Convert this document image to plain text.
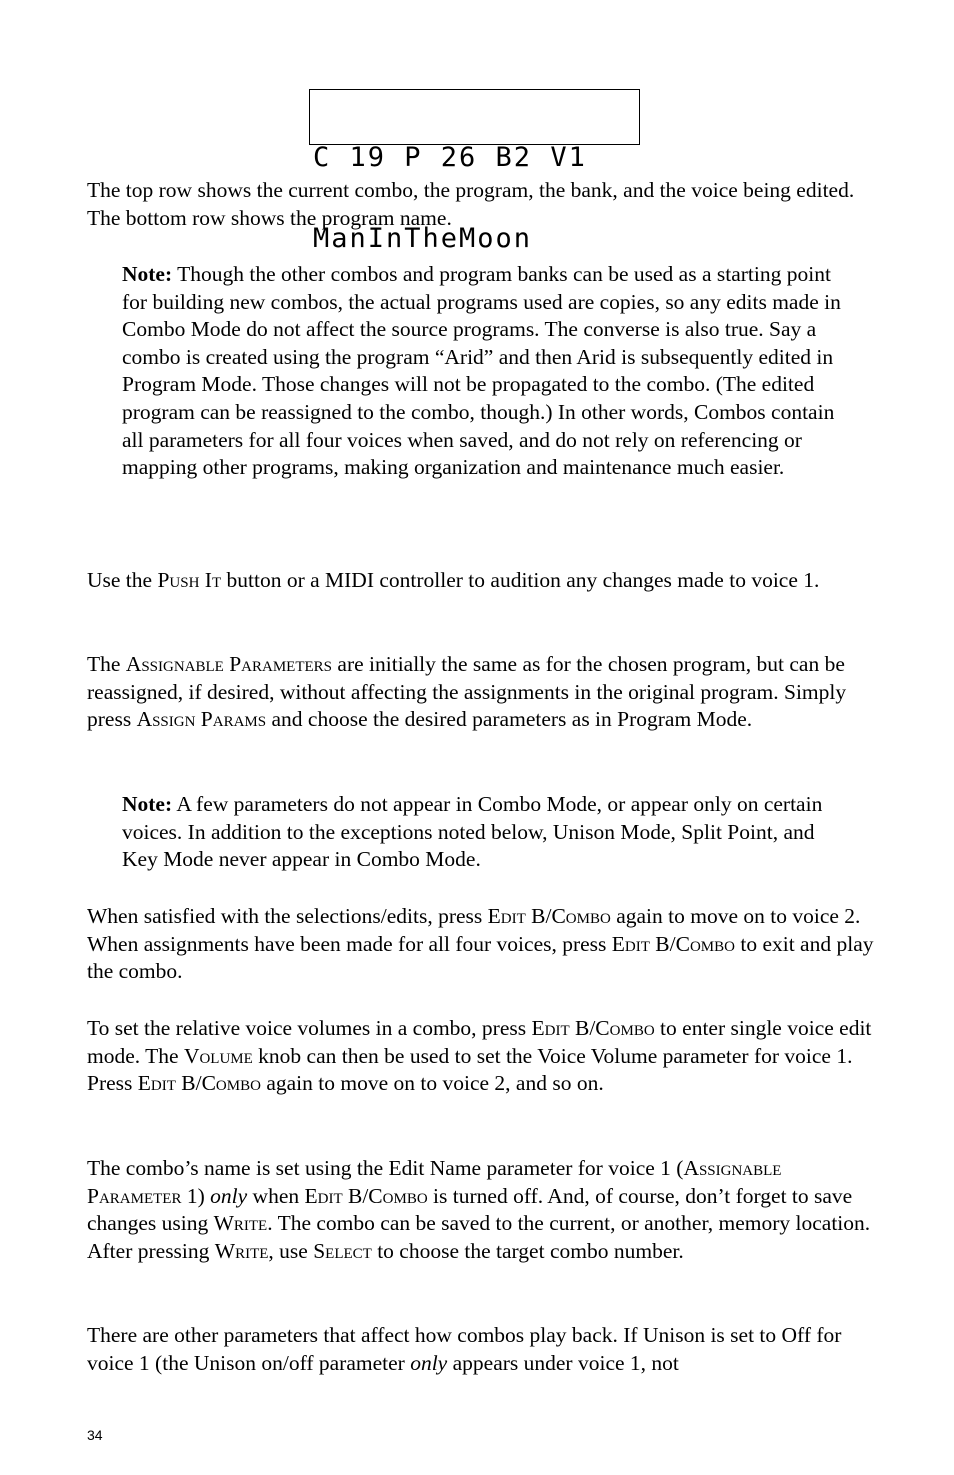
C 19 P 26 B2 V1

ManInTheMoon

The top row shows the current combo, the program, the bank, and the voice being edited. The bottom row shows the program name.

Note: Though the other combos and program banks can be used as a starting point for building new combos, the actual programs used are copies, so any edits made in Combo Mode do not affect the source programs. The converse is also true. Say a combo is created using the program “Arid” and then Arid is subsequently edited in Program Mode. Those changes will not be propagated to the combo. (The edited program can be reassigned to the combo, though.) In other words, Combos contain all parameters for all four voices when saved, and do not rely on referencing or mapping other programs, making organization and maintenance much easier.

Use the Push It button or a MIDI controller to audition any changes made to voice 1.

The Assignable Parameters are initially the same as for the chosen program, but can be reassigned, if desired, without affecting the assignments in the original program. Simply press Assign Params and choose the desired parameters as in Program Mode.

Note: A few parameters do not appear in Combo Mode, or appear only on certain voices. In addition to the exceptions noted below, Unison Mode, Split Point, and Key Mode never appear in Combo Mode.

When satisfied with the selections/edits, press Edit B/Combo again to move on to voice 2. When assignments have been made for all four voices, press Edit B/Combo to exit and play the combo.

To set the relative voice volumes in a combo, press Edit B/Combo to enter single voice edit mode. The Volume knob can then be used to set the Voice Volume parameter for voice 1. Press Edit B/Combo again to move on to voice 2, and so on.

The combo’s name is set using the Edit Name parameter for voice 1 (Assignable Parameter 1) only when Edit B/Combo is turned off. And, of course, don’t forget to save changes using Write. The combo can be saved to the current, or another, memory location. After pressing Write, use Select to choose the target combo number.

There are other parameters that affect how combos play back. If Unison is set to Off for voice 1 (the Unison on/off parameter only appears under voice 1, not

34
